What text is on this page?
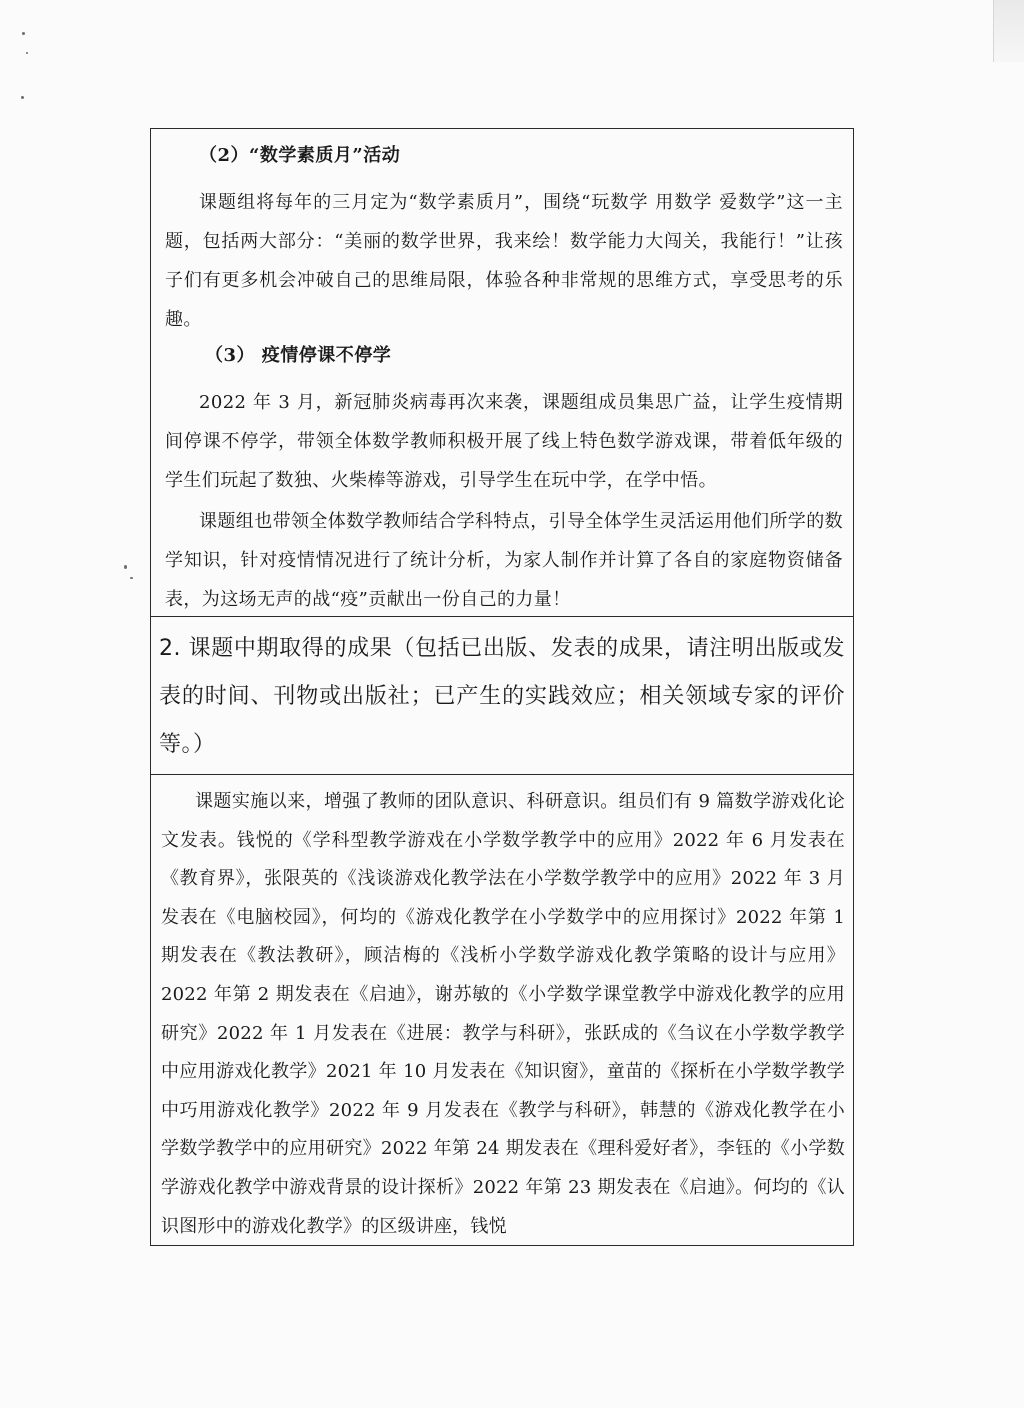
（2）“数学素质月”活动

课题组将每年的三月定为“数学素质月”，围绕“玩数学 用数学 爱数学”这一主题，包括两大部分：“美丽的数学世界，我来绘！数学能力大闯关，我能行！”让孩子们有更多机会冲破自己的思维局限，体验各种非常规的思维方式，享受思考的乐趣。

（3） 疫情停课不停学

2022 年 3 月，新冠肺炎病毒再次来袭，课题组成员集思广益，让学生疫情期间停课不停学，带领全体数学教师积极开展了线上特色数学游戏课，带着低年级的学生们玩起了数独、火柴棒等游戏，引导学生在玩中学，在学中悟。

课题组也带领全体数学教师结合学科特点，引导全体学生灵活运用他们所学的数学知识，针对疫情情况进行了统计分析，为家人制作并计算了各自的家庭物资储备表，为这场无声的战“疫”贡献出一份自己的力量！

2. 课题中期取得的成果（包括已出版、发表的成果，请注明出版或发表的时间、刊物或出版社；已产生的实践效应；相关领域专家的评价等。）

课题实施以来，增强了教师的团队意识、科研意识。组员们有 9 篇数学游戏化论文发表。钱悦的《学科型教学游戏在小学数学教学中的应用》2022 年 6 月发表在《教育界》，张限英的《浅谈游戏化教学法在小学数学教学中的应用》2022 年 3 月发表在《电脑校园》，何均的《游戏化教学在小学数学中的应用探讨》2022 年第 1 期发表在《教法教研》，顾洁梅的《浅析小学数学游戏化教学策略的设计与应用》2022 年第 2 期发表在《启迪》，谢苏敏的《小学数学课堂教学中游戏化教学的应用研究》2022 年 1 月发表在《进展：教学与科研》，张跃成的《刍议在小学数学教学中应用游戏化教学》2021 年 10 月发表在《知识窗》，童苗的《探析在小学数学教学中巧用游戏化教学》2022 年 9 月发表在《教学与科研》，韩慧的《游戏化教学在小学数学教学中的应用研究》2022 年第 24 期发表在《理科爱好者》，李钰的《小学数学游戏化教学中游戏背景的设计探析》2022 年第 23 期发表在《启迪》。何均的《认识图形中的游戏化教学》的区级讲座，钱悦
